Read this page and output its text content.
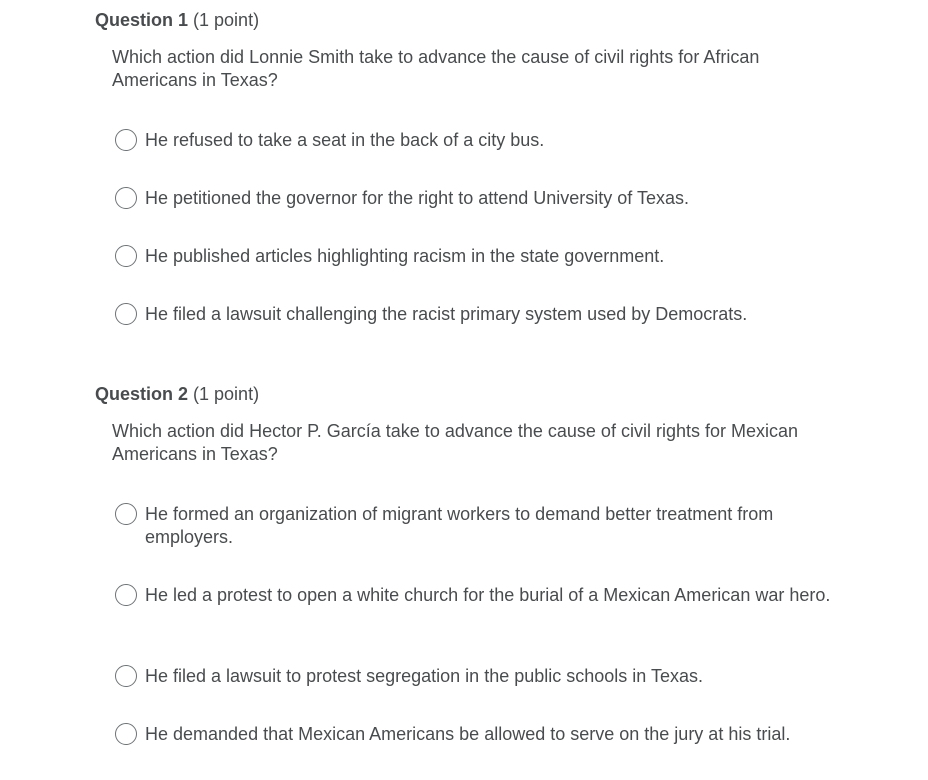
Question 1 (1 point)
Which action did Lonnie Smith take to advance the cause of civil rights for African Americans in Texas?
He refused to take a seat in the back of a city bus.
He petitioned the governor for the right to attend University of Texas.
He published articles highlighting racism in the state government.
He filed a lawsuit challenging the racist primary system used by Democrats.
Question 2 (1 point)
Which action did Hector P. García take to advance the cause of civil rights for Mexican Americans in Texas?
He formed an organization of migrant workers to demand better treatment from employers.
He led a protest to open a white church for the burial of a Mexican American war hero.
He filed a lawsuit to protest segregation in the public schools in Texas.
He demanded that Mexican Americans be allowed to serve on the jury at his trial.
